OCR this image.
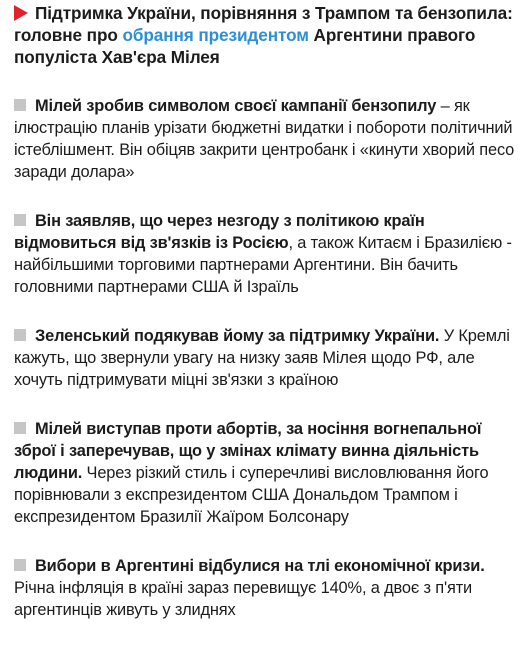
Підтримка України, порівняння з Трампом та бензопила: головне про обрання президентом Аргентини правого популіста Хав'єра Мілея
Мілей зробив символом своєї кампанії бензопилу – як ілюстрацію планів урізати бюджетні видатки і побороти політичний істеблішмент. Він обіцяв закрити центробанк і «кинути хворий песо заради долара»
Він заявляв, що через незгоду з політикою країн відмовиться від зв'язків із Росією, а також Китаєм і Бразилією - найбільшими торговими партнерами Аргентини. Він бачить головними партнерами США й Ізраїль
Зеленський подякував йому за підтримку України. У Кремлі кажуть, що звернули увагу на низку заяв Мілея щодо РФ, але хочуть підтримувати міцні зв'язки з країною
Мілей виступав проти абортів, за носіння вогнепальної зброї і заперечував, що у змінах клімату винна діяльність людини. Через різкий стиль і суперечливі висловлювання його порівнювали з експрезидентом США Дональдом Трампом і експрезидентом Бразилії Жаїром Болсонару
Вибори в Аргентині відбулися на тлі економічної кризи. Річна інфляція в країні зараз перевищує 140%, а двоє з п'яти аргентинців живуть у злиднях
